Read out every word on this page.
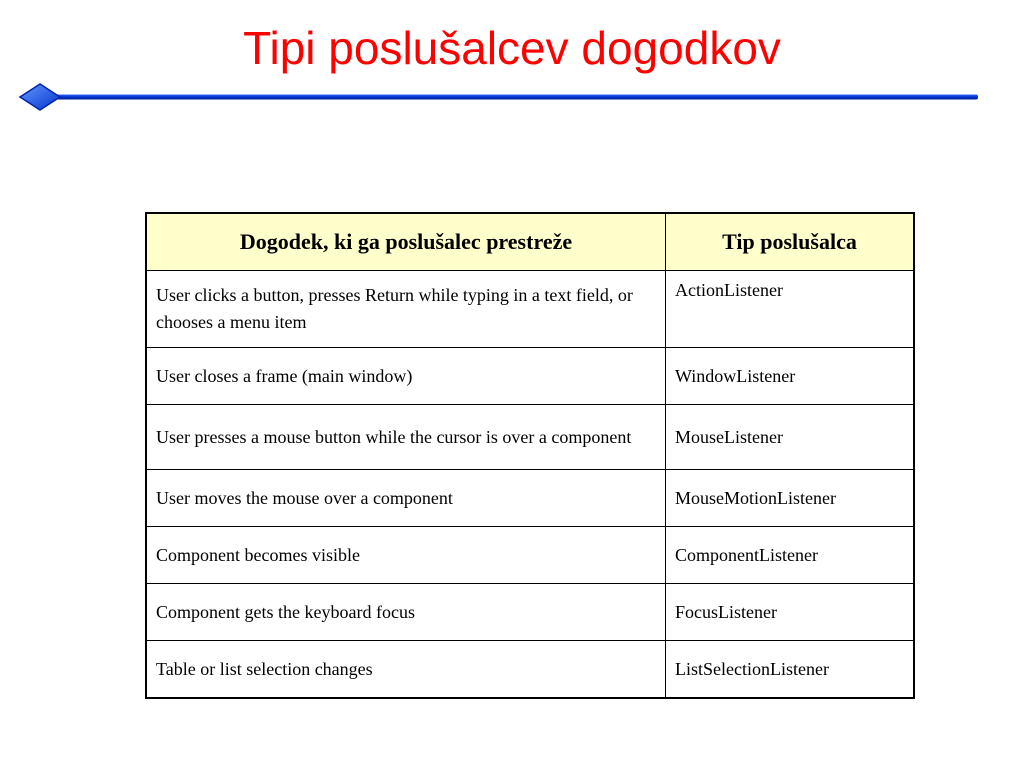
Tipi poslušalcev dogodkov
Dogodek, ki ga poslušalec prestreže	Tip poslušalca
User clicks a button, presses Return while typing in a text field, or chooses a menu item	ActionListener
User closes a frame (main window)	WindowListener
User presses a mouse button while the cursor is over a component	MouseListener
User moves the mouse over a component	MouseMotionListener
Component becomes visible	ComponentListener
Component gets the keyboard focus	FocusListener
Table or list selection changes	ListSelectionListener
